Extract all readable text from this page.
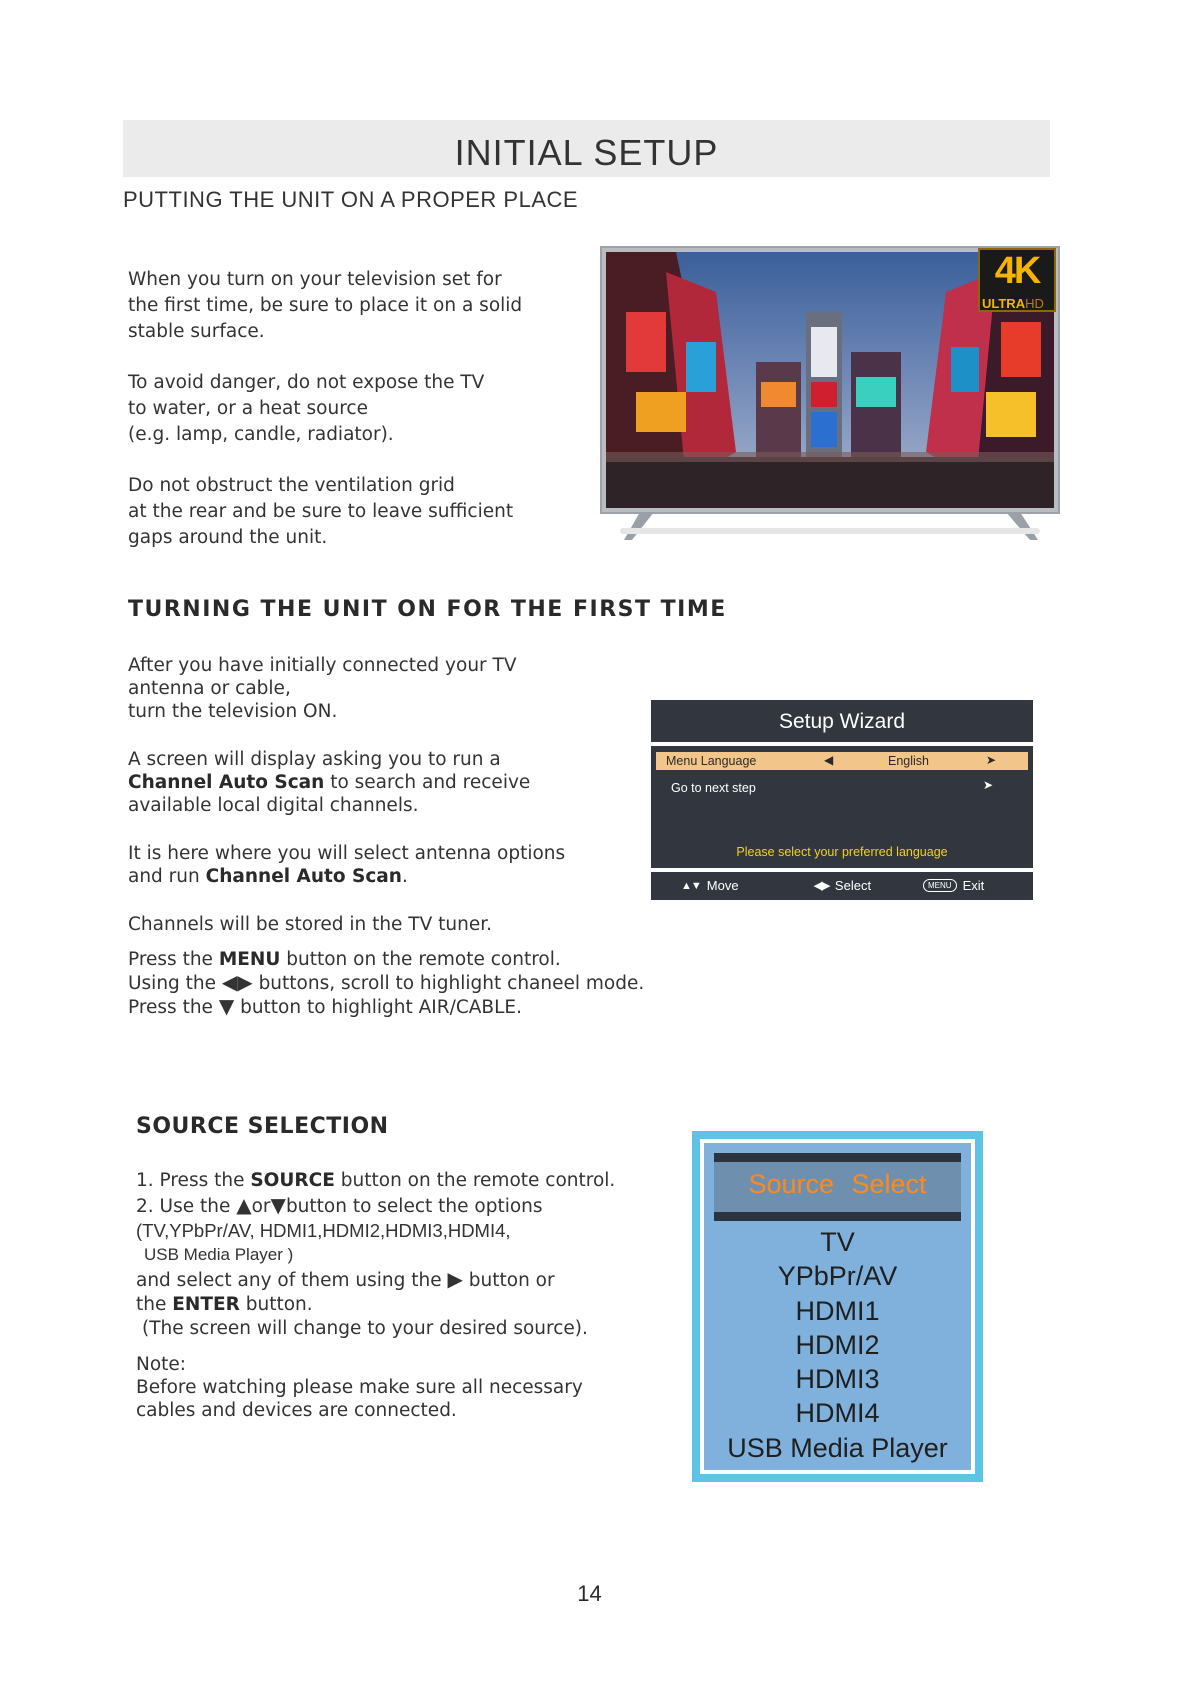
INITIAL SETUP
PUTTING THE UNIT ON A PROPER PLACE
When you turn on your television set for
the first time, be sure to place it on a solid
stable surface.
To avoid danger, do not expose the TV
to water, or a heat source
(e.g. lamp, candle, radiator).
Do not obstruct the ventilation grid
at the rear and be sure to leave sufficient
gaps around the unit.
4K
ULTRAHD
TURNING THE UNIT ON FOR THE FIRST TIME
After you have initially connected your TV
antenna or cable,
turn the television ON.
A screen will display asking you to run a
Channel Auto Scan to search and receive
available local digital channels.
It is here where you will select antenna options
and run Channel Auto Scan.
Channels will be stored in the TV tuner.
Press the MENU button on the remote control.
Using the ◀▶ buttons, scroll to highlight chaneel mode.
Press the ▼ button to highlight AIR/CABLE.
Setup Wizard
Menu Language	◀	English	➤
Go to next step	➤
Please select your preferred language
▲▼ Move	◀▶ Select	MENU Exit
SOURCE SELECTION
1. Press the SOURCE button on the remote control.
2. Use the ▲or▼button to select the options
(TV,YPbPr/AV, HDMI1,HDMI2,HDMI3,HDMI4,
USB Media Player )
and select any of them using the ▶ button or
the ENTER button.
(The screen will change to your desired source).
Note:
Before watching please make sure all necessary
cables and devices are connected.
Source Select
TV
YPbPr/AV
HDMI1
HDMI2
HDMI3
HDMI4
USB Media Player
14
